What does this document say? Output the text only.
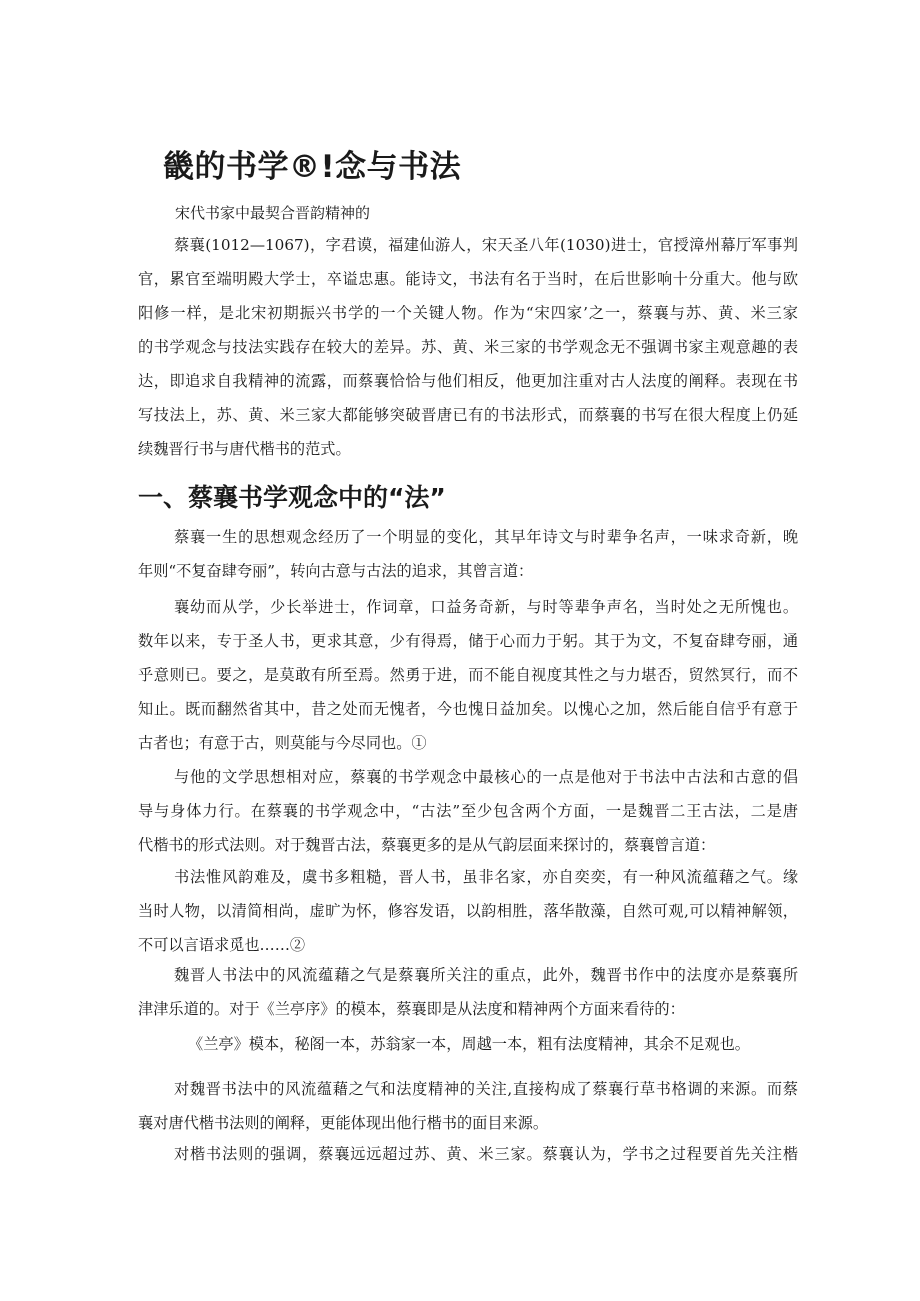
畿的书学®!念与书法

宋代书家中最契合晋韵精神的

蔡襄(1012—1067)，字君谟，福建仙游人，宋天圣八年(1030)进士，官授漳州幕厅军事判
官，累官至端明殿大学士，卒谥忠惠。能诗文，书法有名于当时，在后世影响十分重大。他与欧
阳修一样，是北宋初期振兴书学的一个关键人物。作为“宋四家’之一，蔡襄与苏、黄、米三家
的书学观念与技法实践存在较大的差异。苏、黄、米三家的书学观念无不强调书家主观意趣的表
达，即追求自我精神的流露，而蔡襄恰恰与他们相反，他更加注重对古人法度的阐释。表现在书
写技法上，苏、黄、米三家大都能够突破晋唐已有的书法形式，而蔡襄的书写在很大程度上仍延
续魏晋行书与唐代楷书的范式。
一、蔡襄书学观念中的“法”
蔡襄一生的思想观念经历了一个明显的变化，其早年诗文与时辈争名声，一味求奇新，晚
年则“不复奋肆夸丽”，转向古意与古法的追求，其曾言道：
襄幼而从学，少长举进士，作词章，口益务奇新，与时等辈争声名，当时处之无所愧也。
数年以来，专于圣人书，更求其意，少有得焉，储于心而力于躬。其于为文，不复奋肆夸丽，通
乎意则已。要之，是莫敢有所至焉。然勇于进，而不能自视度其性之与力堪否，贸然冥行，而不
知止。既而翻然省其中，昔之处而无愧者，今也愧日益加矣。以愧心之加，然后能自信乎有意于
古者也；有意于古，则莫能与今尽同也。①
与他的文学思想相对应，蔡襄的书学观念中最核心的一点是他对于书法中古法和古意的倡
导与身体力行。在蔡襄的书学观念中，“古法”至少包含两个方面，一是魏晋二王古法，二是唐
代楷书的形式法则。对于魏晋古法，蔡襄更多的是从气韵层面来探讨的，蔡襄曾言道：
书法惟风韵难及，虞书多粗糙，晋人书，虽非名家，亦自奕奕，有一种风流蕴藉之气。缘
当时人物，以清简相尚，虚旷为怀，修容发语，以韵相胜，落华散藻，自然可观,可以精神解领，
不可以言语求觅也……②
魏晋人书法中的风流蕴藉之气是蔡襄所关注的重点，此外，魏晋书作中的法度亦是蔡襄所
津津乐道的。对于《兰亭序》的模本，蔡襄即是从法度和精神两个方面来看待的：
《兰亭》模本，秘阁一本，苏翁家一本，周越一本，粗有法度精神，其余不足观也。
对魏晋书法中的风流蕴藉之气和法度精神的关注,直接构成了蔡襄行草书格调的来源。而蔡
襄对唐代楷书法则的阐释，更能体现出他行楷书的面目来源。
对楷书法则的强调，蔡襄远远超过苏、黄、米三家。蔡襄认为，学书之过程要首先关注楷
